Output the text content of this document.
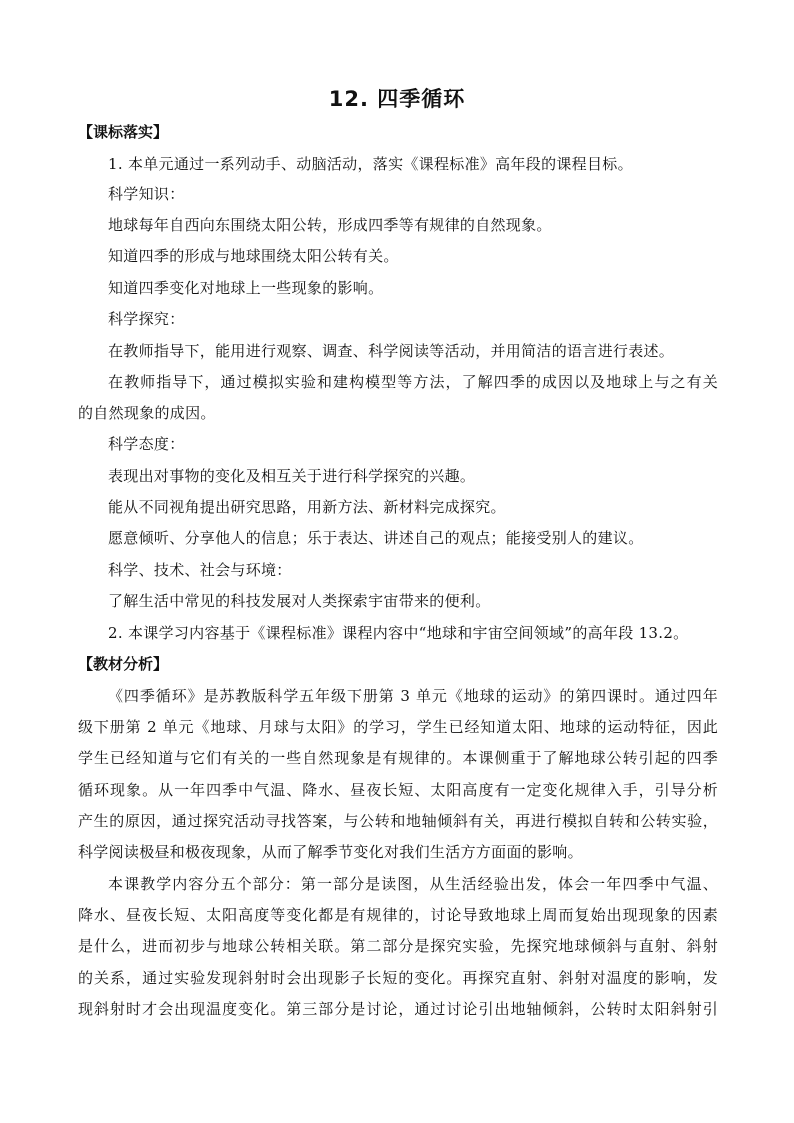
12. 四季循环
【课标落实】
1. 本单元通过一系列动手、动脑活动，落实《课程标准》高年段的课程目标。
科学知识：
地球每年自西向东围绕太阳公转，形成四季等有规律的自然现象。
知道四季的形成与地球围绕太阳公转有关。
知道四季变化对地球上一些现象的影响。
科学探究：
在教师指导下，能用进行观察、调查、科学阅读等活动，并用简洁的语言进行表述。
在教师指导下，通过模拟实验和建构模型等方法，了解四季的成因以及地球上与之有关
的自然现象的成因。
科学态度：
表现出对事物的变化及相互关于进行科学探究的兴趣。
能从不同视角提出研究思路，用新方法、新材料完成探究。
愿意倾听、分享他人的信息；乐于表达、讲述自己的观点；能接受别人的建议。
科学、技术、社会与环境：
了解生活中常见的科技发展对人类探索宇宙带来的便利。
2. 本课学习内容基于《课程标准》课程内容中“地球和宇宙空间领域”的高年段 13.2。
【教材分析】
《四季循环》是苏教版科学五年级下册第 3 单元《地球的运动》的第四课时。通过四年
级下册第 2 单元《地球、月球与太阳》的学习，学生已经知道太阳、地球的运动特征，因此
学生已经知道与它们有关的一些自然现象是有规律的。本课侧重于了解地球公转引起的四季
循环现象。从一年四季中气温、降水、昼夜长短、太阳高度有一定变化规律入手，引导分析
产生的原因，通过探究活动寻找答案，与公转和地轴倾斜有关，再进行模拟自转和公转实验，
科学阅读极昼和极夜现象，从而了解季节变化对我们生活方方面面的影响。
本课教学内容分五个部分：第一部分是读图，从生活经验出发，体会一年四季中气温、
降水、昼夜长短、太阳高度等变化都是有规律的，讨论导致地球上周而复始出现现象的因素
是什么，进而初步与地球公转相关联。第二部分是探究实验，先探究地球倾斜与直射、斜射
的关系，通过实验发现斜射时会出现影子长短的变化。再探究直射、斜射对温度的影响，发
现斜射时才会出现温度变化。第三部分是讨论，通过讨论引出地轴倾斜，公转时太阳斜射引
